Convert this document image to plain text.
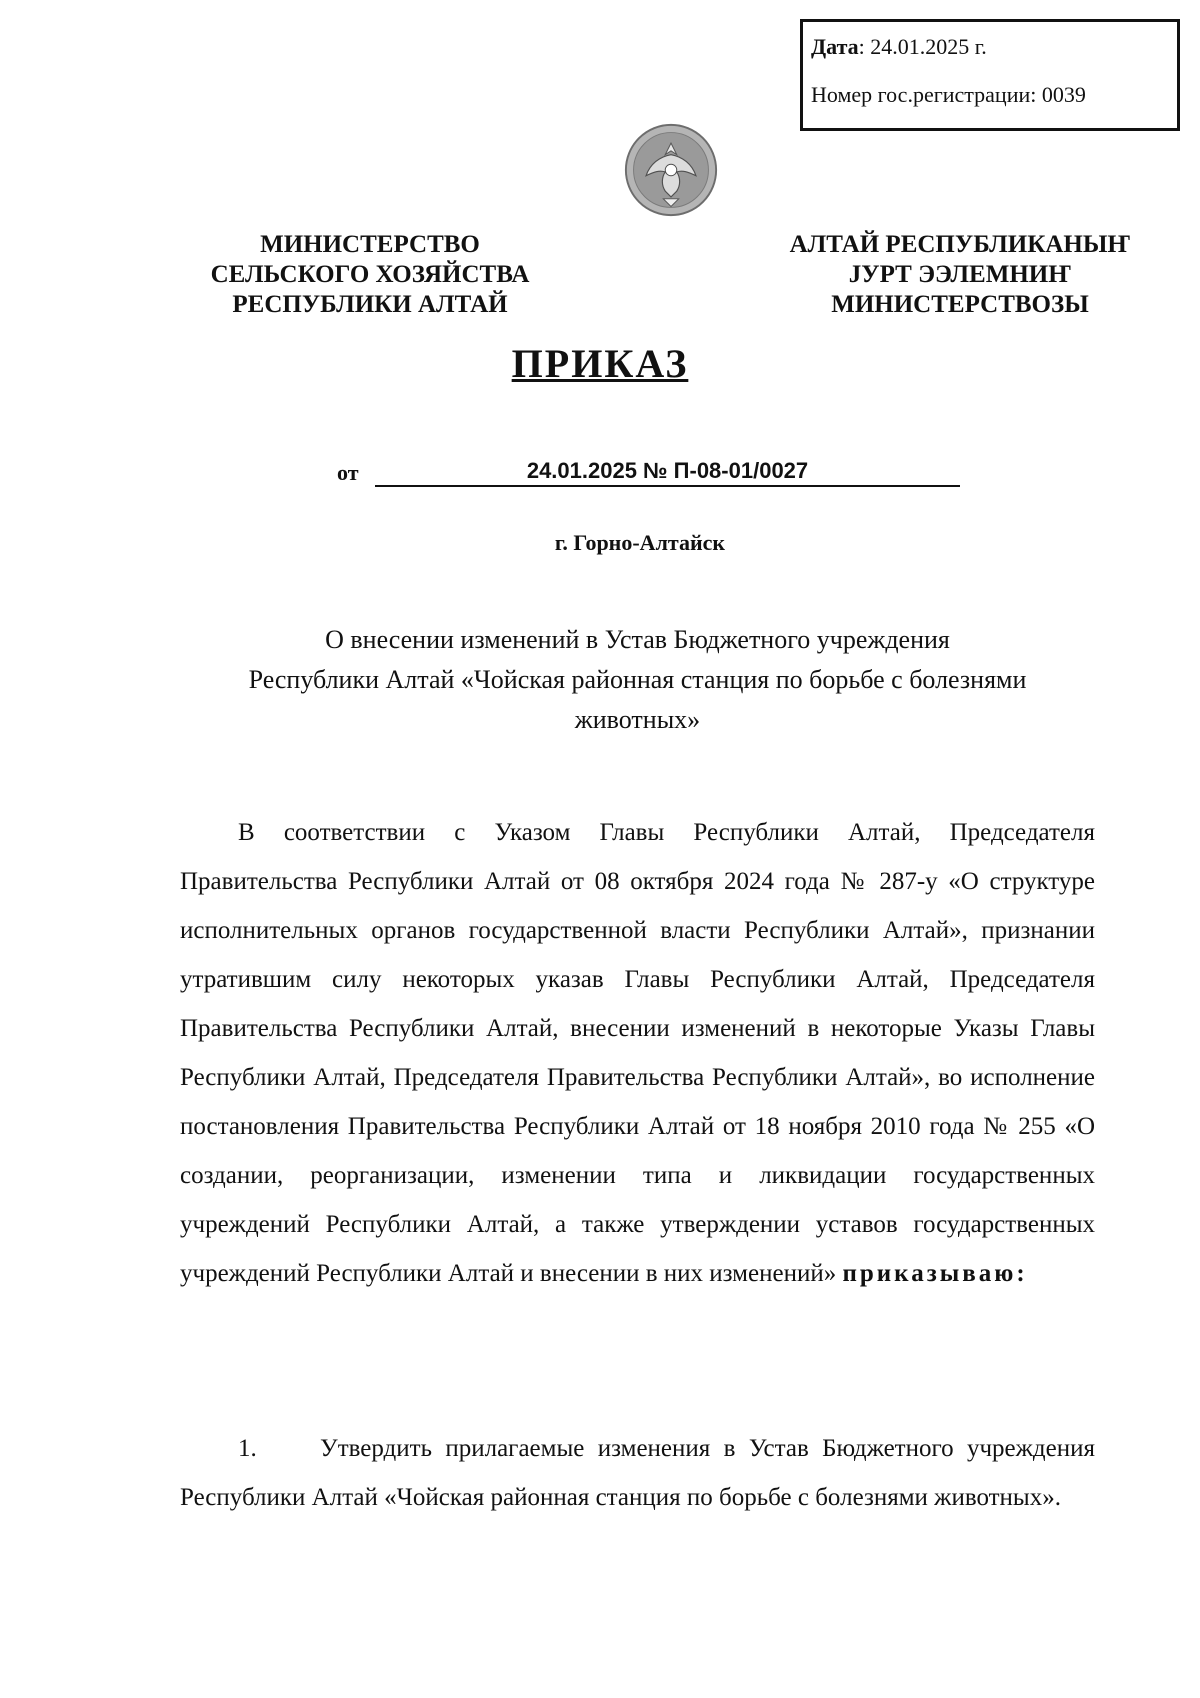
Дата: 24.01.2025 г.
Номер гос.регистрации: 0039
МИНИСТЕРСТВО
СЕЛЬСКОГО ХОЗЯЙСТВА
РЕСПУБЛИКИ АЛТАЙ
АЛТАЙ РЕСПУБЛИКАНЫҤ
ЈУРТ ЭЭЛЕМНИҤ
МИНИСТЕРСТВОЗЫ
ПРИКАЗ
от	24.01.2025 № П-08-01/0027
г. Горно-Алтайск
О внесении изменений в Устав Бюджетного учреждения
Республики Алтай «Чойская районная станция по борьбе с болезнями
животных»
В соответствии с Указом Главы Республики Алтай, Председателя Правительства Республики Алтай от 08 октября 2024 года № 287-у «О структуре исполнительных органов государственной власти Республики Алтай», признании утратившим силу некоторых указав Главы Республики Алтай, Председателя Правительства Республики Алтай, внесении изменений в некоторые Указы Главы Республики Алтай, Председателя Правительства Республики Алтай», во исполнение постановления Правительства Республики Алтай от 18 ноября 2010 года № 255 «О создании, реорганизации, изменении типа и ликвидации государственных учреждений Республики Алтай, а также утверждении уставов государственных учреждений Республики Алтай и внесении в них изменений» приказываю:
1.	Утвердить прилагаемые изменения в Устав Бюджетного учреждения Республики Алтай «Чойская районная станция по борьбе с болезнями животных».
